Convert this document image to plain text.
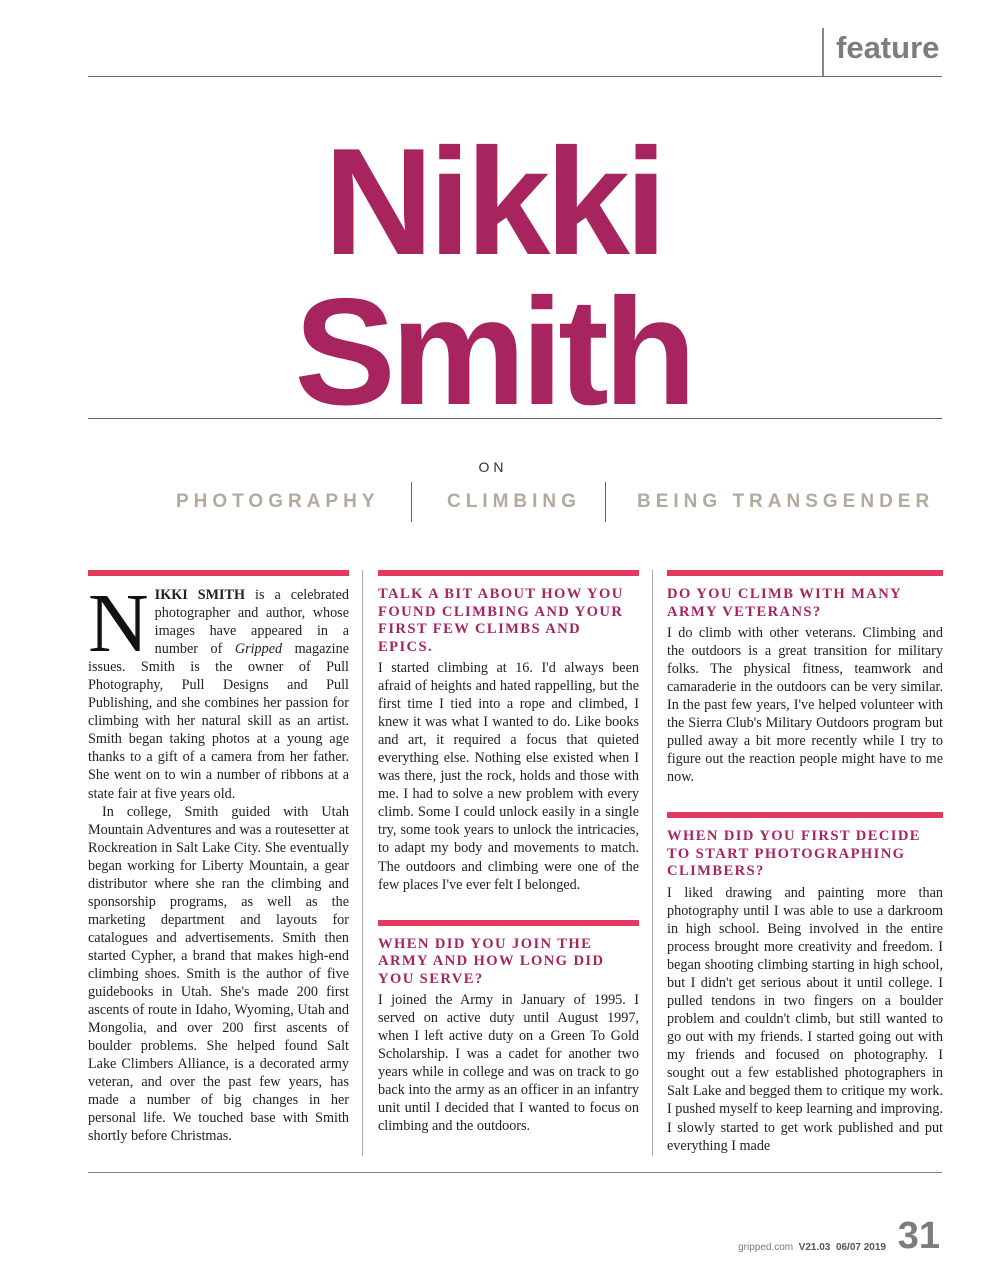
feature
Nikki
Smith
ON
PHOTOGRAPHY	CLIMBING	BEING TRANSGENDER

NIKKI SMITH is a celebrated photographer and author, whose images have appeared in a number of Gripped magazine issues. Smith is the owner of Pull Photography, Pull Designs and Pull Publishing, and she combines her passion for climbing with her natural skill as an artist. Smith began taking photos at a young age thanks to a gift of a camera from her father. She went on to win a number of ribbons at a state fair at five years old.

In college, Smith guided with Utah Mountain Adventures and was a routesetter at Rockreation in Salt Lake City. She eventually began working for Liberty Mountain, a gear distributor where she ran the climbing and sponsorship programs, as well as the marketing department and layouts for catalogues and advertisements. Smith then started Cypher, a brand that makes high-end climbing shoes. Smith is the author of five guidebooks in Utah. She's made 200 first ascents of route in Idaho, Wyoming, Utah and Mongolia, and over 200 first ascents of boulder problems. She helped found Salt Lake Climbers Alliance, is a decorated army veteran, and over the past few years, has made a number of big changes in her personal life. We touched base with Smith shortly before Christmas.

TALK A BIT ABOUT HOW YOU FOUND CLIMBING AND YOUR FIRST FEW CLIMBS AND EPICS.

I started climbing at 16. I'd always been afraid of heights and hated rappelling, but the first time I tied into a rope and climbed, I knew it was what I wanted to do. Like books and art, it required a focus that quieted everything else. Nothing else existed when I was there, just the rock, holds and those with me. I had to solve a new problem with every climb. Some I could unlock easily in a single try, some took years to unlock the intricacies, to adapt my body and movements to match. The outdoors and climbing were one of the few places I've ever felt I belonged.

WHEN DID YOU JOIN THE ARMY AND HOW LONG DID YOU SERVE?

I joined the Army in January of 1995. I served on active duty until August 1997, when I left active duty on a Green To Gold Scholarship. I was a cadet for another two years while in college and was on track to go back into the army as an officer in an infantry unit until I decided that I wanted to focus on climbing and the outdoors.

DO YOU CLIMB WITH MANY ARMY VETERANS?

I do climb with other veterans. Climbing and the outdoors is a great transition for military folks. The physical fitness, teamwork and camaraderie in the outdoors can be very similar. In the past few years, I've helped volunteer with the Sierra Club's Military Outdoors program but pulled away a bit more recently while I try to figure out the reaction people might have to me now.

WHEN DID YOU FIRST DECIDE TO START PHOTOGRAPHING CLIMBERS?

I liked drawing and painting more than photography until I was able to use a darkroom in high school. Being involved in the entire process brought more creativity and freedom. I began shooting climbing starting in high school, but I didn't get serious about it until college. I pulled tendons in two fingers on a boulder problem and couldn't climb, but still wanted to go out with my friends. I started going out with my friends and focused on photography. I sought out a few established photographers in Salt Lake and begged them to critique my work. I pushed myself to keep learning and improving. I slowly started to get work published and put everything I made

gripped.com V21.03 06/07 2019 31
